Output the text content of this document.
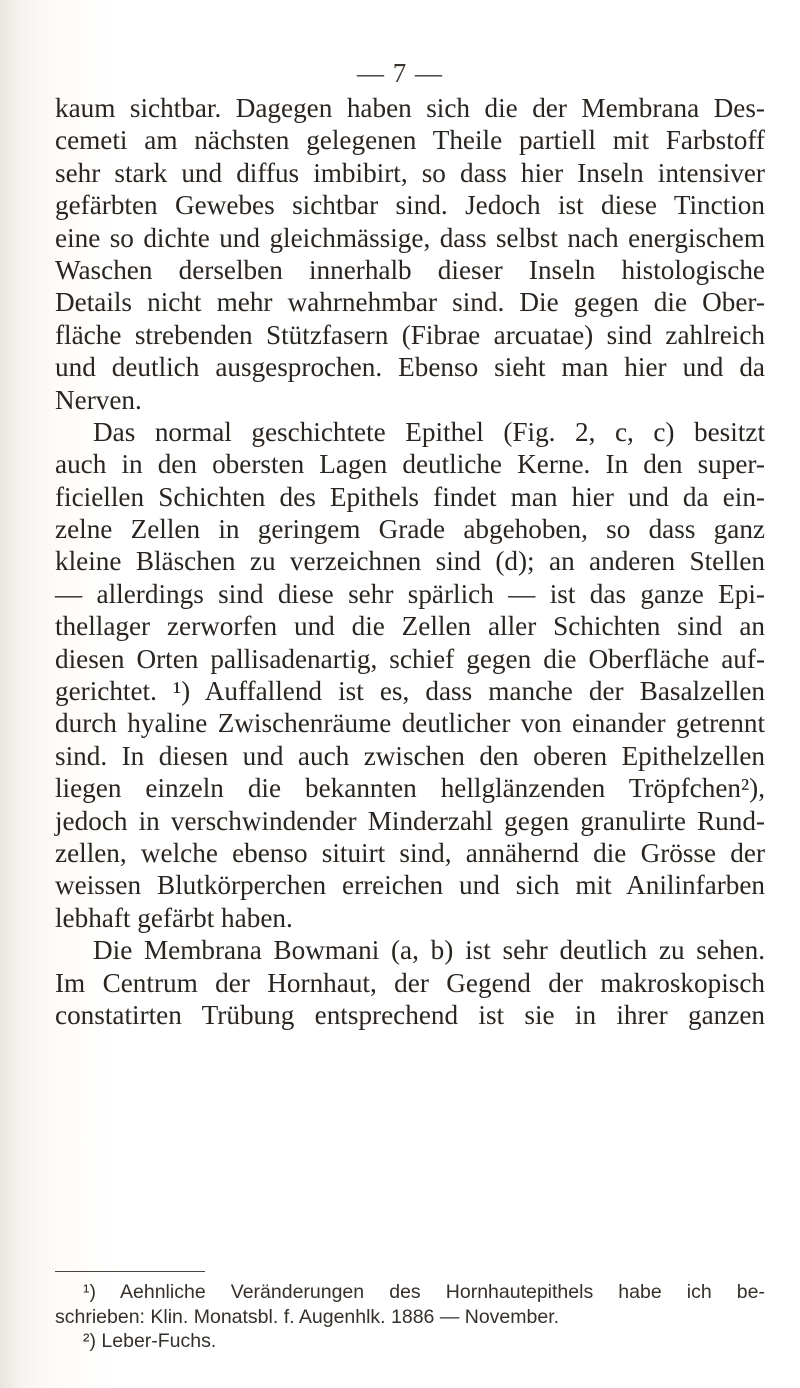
— 7 —
kaum sichtbar. Dagegen haben sich die der Membrana Des-
cemeti am nächsten gelegenen Theile partiell mit Farbstoff
sehr stark und diffus imbibirt, so dass hier Inseln intensiver
gefärbten Gewebes sichtbar sind. Jedoch ist diese Tinction
eine so dichte und gleichmässige, dass selbst nach energischem
Waschen derselben innerhalb dieser Inseln histologische
Details nicht mehr wahrnehmbar sind. Die gegen die Ober-
fläche strebenden Stützfasern (Fibrae arcuatae) sind zahlreich
und deutlich ausgesprochen. Ebenso sieht man hier und da
Nerven.
Das normal geschichtete Epithel (Fig. 2, c, c) besitzt
auch in den obersten Lagen deutliche Kerne. In den super-
ficiellen Schichten des Epithels findet man hier und da ein-
zelne Zellen in geringem Grade abgehoben, so dass ganz
kleine Bläschen zu verzeichnen sind (d); an anderen Stellen
— allerdings sind diese sehr spärlich — ist das ganze Epi-
thellager zerworfen und die Zellen aller Schichten sind an
diesen Orten pallisadenartig, schief gegen die Oberfläche auf-
gerichtet. ¹) Auffallend ist es, dass manche der Basalzellen
durch hyaline Zwischenräume deutlicher von einander getrennt
sind. In diesen und auch zwischen den oberen Epithelzellen
liegen einzeln die bekannten hellglänzenden Tröpfchen²),
jedoch in verschwindender Minderzahl gegen granulirte Rund-
zellen, welche ebenso situirt sind, annähernd die Grösse der
weissen Blutkörperchen erreichen und sich mit Anilinfarben
lebhaft gefärbt haben.
Die Membrana Bowmani (a, b) ist sehr deutlich zu sehen.
Im Centrum der Hornhaut, der Gegend der makroskopisch
constatirten Trübung entsprechend ist sie in ihrer ganzen
¹) Aehnliche Veränderungen des Hornhautepithels habe ich be-
schrieben: Klin. Monatsbl. f. Augenhlk. 1886 — November.
²) Leber-Fuchs.
